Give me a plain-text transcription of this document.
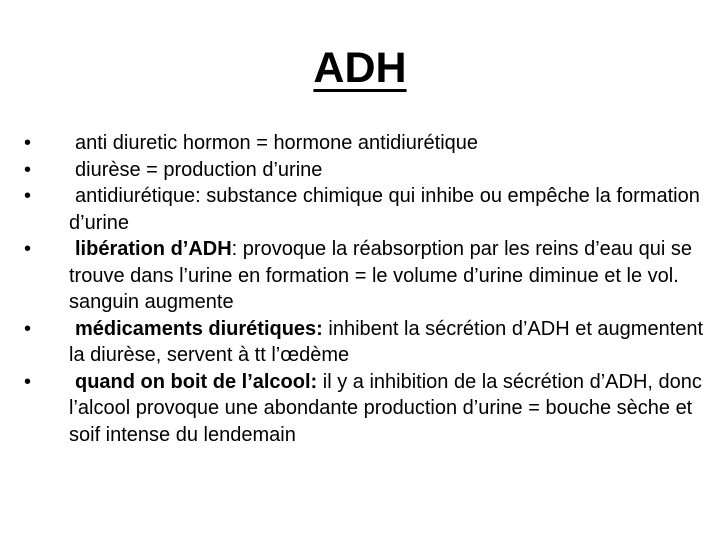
ADH
•	anti diuretic hormon = hormone antidiurétique
•	diurèse = production d’urine
•	antidiurétique: substance chimique qui inhibe ou empêche la formation d’urine
•	libération d’ADH: provoque la réabsorption par les reins d’eau qui se trouve dans l’urine en formation = le volume d’urine diminue et le vol. sanguin augmente
•	médicaments diurétiques: inhibent la sécrétion d’ADH et augmentent la diurèse, servent à tt l’œdème
•	quand on boit de l’alcool: il y a inhibition de la sécrétion d’ADH, donc l’alcool provoque une abondante production d’urine = bouche sèche et soif intense du lendemain
